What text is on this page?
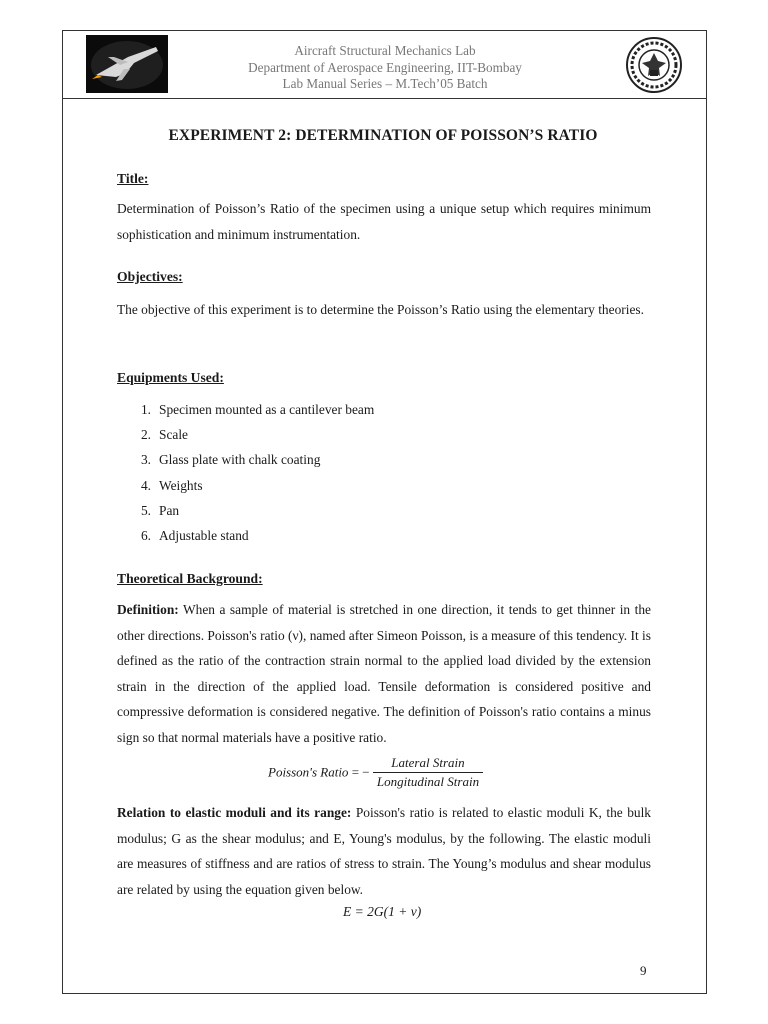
Aircraft Structural Mechanics Lab
Department of Aerospace Engineering, IIT-Bombay
Lab Manual Series – M.Tech’05 Batch
EXPERIMENT 2: DETERMINATION OF POISSON’S RATIO
Title:
Determination of Poisson’s Ratio of the specimen using a unique setup which requires minimum sophistication and minimum instrumentation.
Objectives:
The objective of this experiment is to determine the Poisson’s Ratio using the elementary theories.
Equipments Used:
1. Specimen mounted as a cantilever beam
2. Scale
3. Glass plate with chalk coating
4. Weights
5. Pan
6. Adjustable stand
Theoretical Background:
Definition: When a sample of material is stretched in one direction, it tends to get thinner in the other directions. Poisson's ratio (ν), named after Simeon Poisson, is a measure of this tendency. It is defined as the ratio of the contraction strain normal to the applied load divided by the extension strain in the direction of the applied load. Tensile deformation is considered positive and compressive deformation is considered negative. The definition of Poisson's ratio contains a minus sign so that normal materials have a positive ratio.
Poisson's Ratio = − $\frac{\text{Lateral Strain}}{\text{Longitudinal Strain}}$
Relation to elastic moduli and its range: Poisson's ratio is related to elastic moduli K, the bulk modulus; G as the shear modulus; and E, Young's modulus, by the following. The elastic moduli are measures of stiffness and are ratios of stress to strain. The Young’s modulus and shear modulus are related by using the equation given below.
E = 2G(1 + ν)
9
